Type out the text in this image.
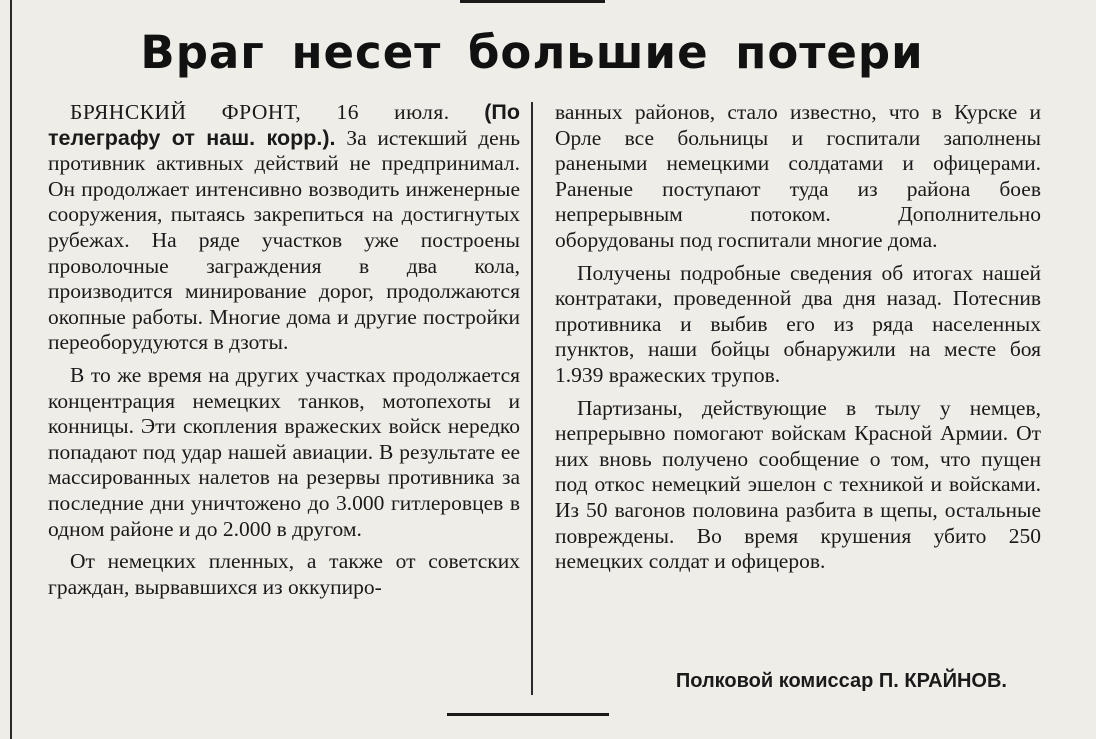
Враг несет большие потери

БРЯНСКИЙ ФРОНТ, 16 июля. (По телеграфу от наш. корр.). За истекший день противник активных действий не предпринимал. Он продолжает интенсивно возводить инженерные сооружения, пытаясь закрепиться на достигнутых рубежах. На ряде участков уже построены проволочные заграждения в два кола, производится минирование дорог, продолжаются окопные работы. Многие дома и другие постройки переоборудуются в дзоты.

В то же время на других участках продолжается концентрация немецких танков, мотопехоты и конницы. Эти скопления вражеских войск нередко попадают под удар нашей авиации. В результате ее массированных налетов на резервы противника за последние дни уничтожено до 3.000 гитлеровцев в одном районе и до 2.000 в другом.

От немецких пленных, а также от советских граждан, вырвавшихся из оккупиро-

ванных районов, стало известно, что в Курске и Орле все больницы и госпитали заполнены ранеными немецкими солдатами и офицерами. Раненые поступают туда из района боев непрерывным потоком. Дополнительно оборудованы под госпитали многие дома.

Получены подробные сведения об итогах нашей контратаки, проведенной два дня назад. Потеснив противника и выбив его из ряда населенных пунктов, наши бойцы обнаружили на месте боя 1.939 вражеских трупов.

Партизаны, действующие в тылу у немцев, непрерывно помогают войскам Красной Армии. От них вновь получено сообщение о том, что пущен под откос немецкий эшелон с техникой и войсками. Из 50 вагонов половина разбита в щепы, остальные повреждены. Во время крушения убито 250 немецких солдат и офицеров.

Полковой комиссар П. КРАЙНОВ.
